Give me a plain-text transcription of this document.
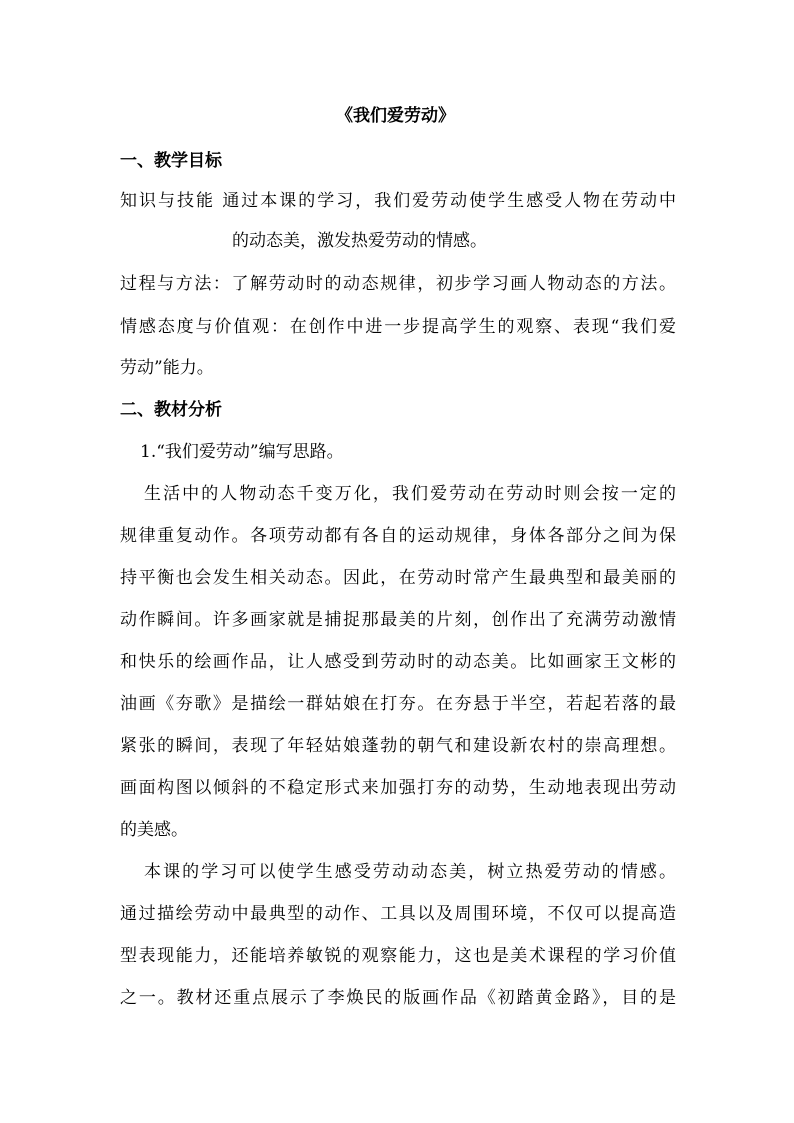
《我们爱劳动》
一、教学目标
知识与技能 通过本课的学习，我们爱劳动使学生感受人物在劳动中
的动态美，激发热爱劳动的情感。
过程与方法：了解劳动时的动态规律，初步学习画人物动态的方法。
情感态度与价值观：在创作中进一步提高学生的观察、表现“我们爱
劳动”能力。
二、教材分析
1.“我们爱劳动”编写思路。
生活中的人物动态千变万化，我们爱劳动在劳动时则会按一定的
规律重复动作。各项劳动都有各自的运动规律，身体各部分之间为保
持平衡也会发生相关动态。因此，在劳动时常产生最典型和最美丽的
动作瞬间。许多画家就是捕捉那最美的片刻，创作出了充满劳动激情
和快乐的绘画作品，让人感受到劳动时的动态美。比如画家王文彬的
油画《夯歌》是描绘一群姑娘在打夯。在夯悬于半空，若起若落的最
紧张的瞬间，表现了年轻姑娘蓬勃的朝气和建设新农村的崇高理想。
画面构图以倾斜的不稳定形式来加强打夯的动势，生动地表现出劳动
的美感。
本课的学习可以使学生感受劳动动态美，树立热爱劳动的情感。
通过描绘劳动中最典型的动作、工具以及周围环境，不仅可以提高造
型表现能力，还能培养敏锐的观察能力，这也是美术课程的学习价值
之一。教材还重点展示了李焕民的版画作品《初踏黄金路》，目的是
